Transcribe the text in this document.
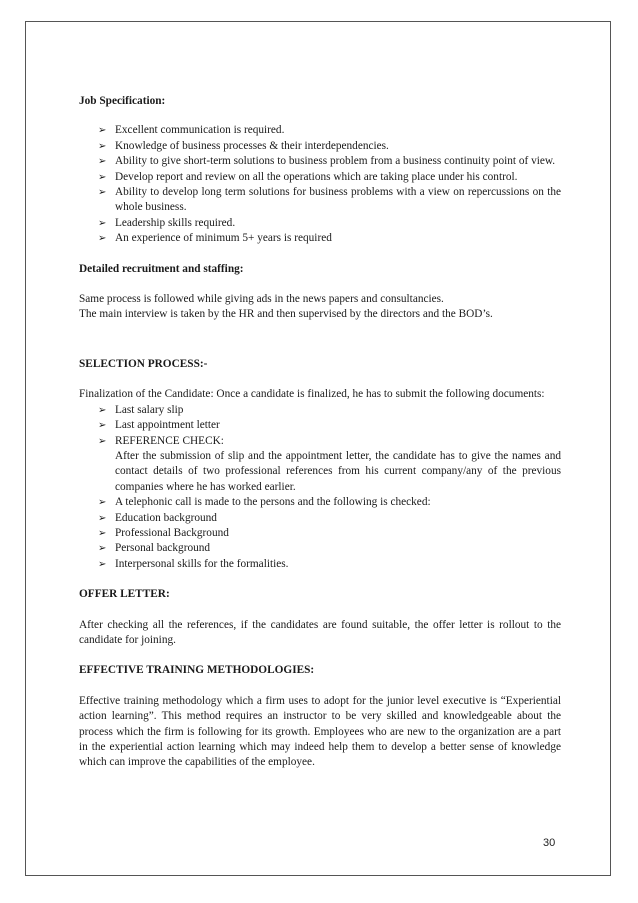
Job Specification:
➢ Excellent communication is required.
➢ Knowledge of business processes & their interdependencies.
➢ Ability to give short-term solutions to business problem from a business continuity point of view.
➢ Develop report and review on all the operations which are taking place under his control.
➢ Ability to develop long term solutions for business problems with a view on repercussions on the whole business.
➢ Leadership skills required.
➢ An experience of minimum 5+ years is required
Detailed recruitment and staffing:

Same process is followed while giving ads in the news papers and consultancies.

The main interview is taken by the HR and then supervised by the directors and the BOD’s.

SELECTION PROCESS:-

Finalization of the Candidate: Once a candidate is finalized, he has to submit the following documents:

➢ Last salary slip
➢ Last appointment letter
➢ REFERENCE CHECK:

After the submission of slip and the appointment letter, the candidate has to give the names and contact details of two professional references from his current company/any of the previous companies where he has worked earlier.

➢ A telephonic call is made to the persons and the following is checked:
➢ Education background
➢ Professional Background
➢ Personal background
➢ Interpersonal skills for the formalities.
OFFER LETTER:

After checking all the references, if the candidates are found suitable, the offer letter is rollout to the candidate for joining.

EFFECTIVE TRAINING METHODOLOGIES:

Effective training methodology which a firm uses to adopt for the junior level executive is “Experiential action learning”. This method requires an instructor to be very skilled and knowledgeable about the process which the firm is following for its growth. Employees who are new to the organization are a part in the experiential action learning which may indeed help them to develop a better sense of knowledge which can improve the capabilities of the employee.

30
